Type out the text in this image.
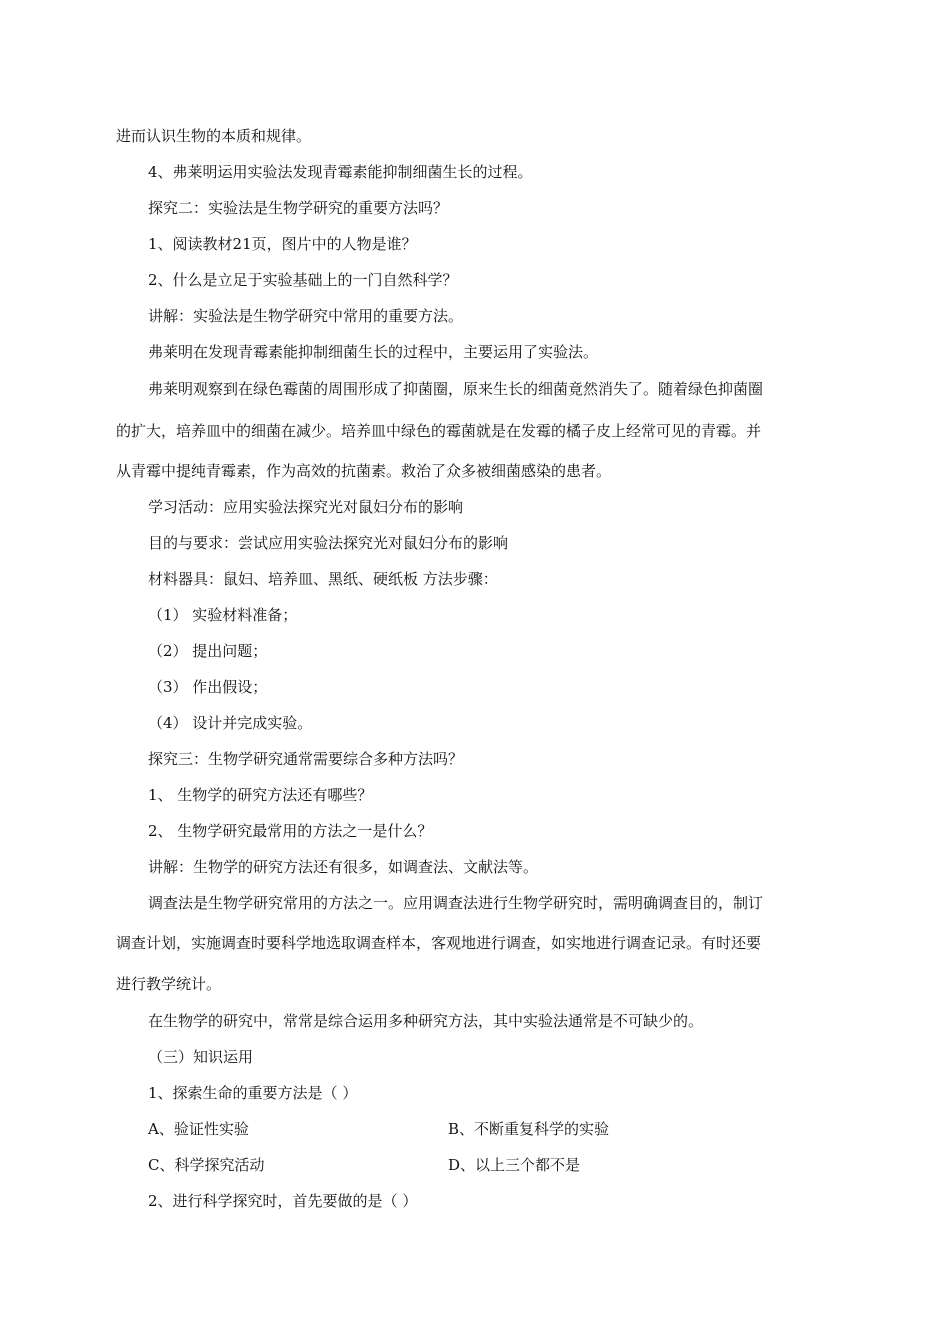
进而认识生物的本质和规律。

4、弗莱明运用实验法发现青霉素能抑制细菌生长的过程。

探究二：实验法是生物学研究的重要方法吗？

1、阅读教材21页，图片中的人物是谁？

2、什么是立足于实验基础上的一门自然科学？

讲解：实验法是生物学研究中常用的重要方法。

弗莱明在发现青霉素能抑制细菌生长的过程中，主要运用了实验法。

弗莱明观察到在绿色霉菌的周围形成了抑菌圈，原来生长的细菌竟然消失了。随着绿色抑菌圈

的扩大，培养皿中的细菌在减少。培养皿中绿色的霉菌就是在发霉的橘子皮上经常可见的青霉。并

从青霉中提纯青霉素，作为高效的抗菌素。救治了众多被细菌感染的患者。

学习活动：应用实验法探究光对鼠妇分布的影响

目的与要求：尝试应用实验法探究光对鼠妇分布的影响

材料器具：鼠妇、培养皿、黑纸、硬纸板 方法步骤：

（1） 实验材料准备；

（2） 提出问题；

（3） 作出假设；

（4） 设计并完成实验。

探究三：生物学研究通常需要综合多种方法吗？

1、 生物学的研究方法还有哪些？

2、 生物学研究最常用的方法之一是什么？

讲解：生物学的研究方法还有很多，如调查法、文献法等。

调查法是生物学研究常用的方法之一。应用调查法进行生物学研究时，需明确调查目的，制订

调查计划，实施调查时要科学地选取调查样本，客观地进行调查，如实地进行调查记录。有时还要

进行教学统计。

在生物学的研究中，常常是综合运用多种研究方法，其中实验法通常是不可缺少的。

（三）知识运用

1、探索生命的重要方法是（ ）

A、验证性实验	B、不断重复科学的实验

C、科学探究活动	D、以上三个都不是

2、进行科学探究时，首先要做的是（ ）
